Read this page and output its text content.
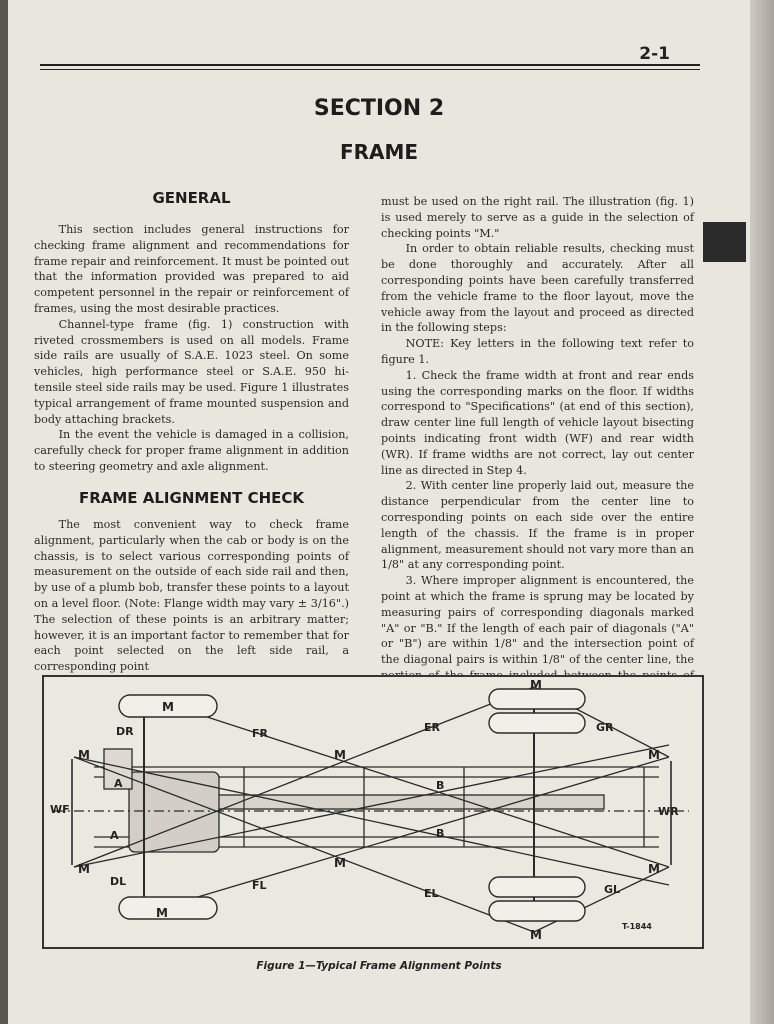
2-1
SECTION 2
FRAME
GENERAL

This section includes general instructions for checking frame alignment and recommendations for frame repair and reinforcement. It must be pointed out that the information provided was prepared to aid competent personnel in the repair or reinforcement of frames, using the most desirable practices.

Channel-type frame (fig. 1) construction with riveted crossmembers is used on all models. Frame side rails are usually of S.A.E. 1023 steel. On some vehicles, high performance steel or S.A.E. 950 hi-tensile steel side rails may be used. Figure 1 illustrates typical arrangement of frame mounted suspension and body attaching brackets.

In the event the vehicle is damaged in a collision, carefully check for proper frame alignment in addition to steering geometry and axle alignment.

FRAME ALIGNMENT CHECK

The most convenient way to check frame alignment, particularly when the cab or body is on the chassis, is to select various corresponding points of measurement on the outside of each side rail and then, by use of a plumb bob, transfer these points to a layout on a level floor. (Note: Flange width may vary ± 3/16".) The selection of these points is an arbitrary matter; however, it is an important factor to remember that for each point selected on the left side rail, a corresponding point

must be used on the right rail. The illustration (fig. 1) is used merely to serve as a guide in the selection of checking points "M."

In order to obtain reliable results, checking must be done thoroughly and accurately. After all corresponding points have been carefully transferred from the vehicle frame to the floor layout, move the vehicle away from the layout and proceed as directed in the following steps:

NOTE: Key letters in the following text refer to figure 1.

1. Check the frame width at front and rear ends using the corresponding marks on the floor. If widths correspond to "Specifications" (at end of this section), draw center line full length of vehicle layout bisecting points indicating front width (WF) and rear width (WR). If frame widths are not correct, lay out center line as directed in Step 4.

2. With center line properly laid out, measure the distance perpendicular from the center line to corresponding points on each side over the entire length of the chassis. If the frame is in proper alignment, measurement should not vary more than an 1/8" at any corresponding point.

3. Where improper alignment is encountered, the point at which the frame is sprung may be located by measuring pairs of corresponding diagonals marked "A" or "B." If the length of each pair of diagonals ("A" or "B") are within 1/8" and the intersection point of the diagonal pairs is within 1/8" of the center line, the

M
M
M	M	M
M	M	M
M
M
DR	FR	ER	GR
A
A
B
B
WF	WR
DL	FL
EL	GL
T-1844
Figure 1—Typical Frame Alignment Points
